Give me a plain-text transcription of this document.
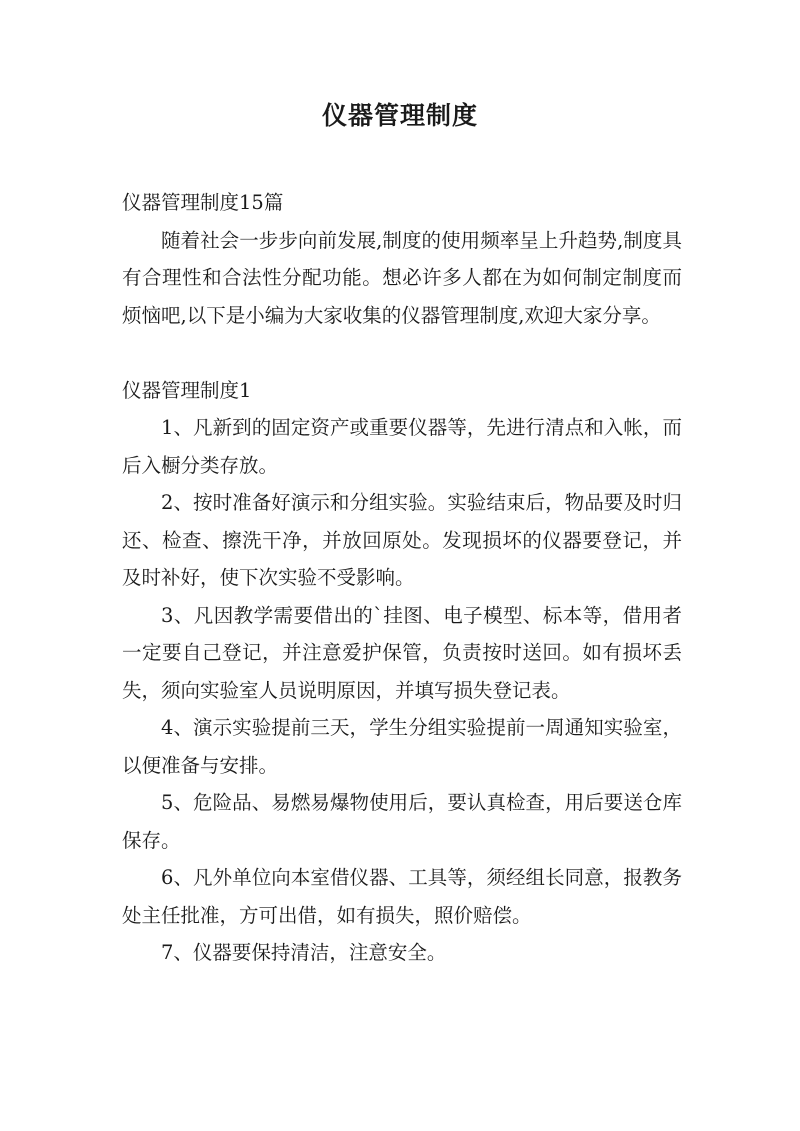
仪器管理制度

仪器管理制度15篇

随着社会一步步向前发展,制度的使用频率呈上升趋势,制度具有合理性和合法性分配功能。想必许多人都在为如何制定制度而烦恼吧,以下是小编为大家收集的仪器管理制度,欢迎大家分享。

仪器管理制度1

1、凡新到的固定资产或重要仪器等，先进行清点和入帐，而后入橱分类存放。

2、按时准备好演示和分组实验。实验结束后，物品要及时归还、检查、擦洗干净，并放回原处。发现损坏的仪器要登记，并及时补好，使下次实验不受影响。

3、凡因教学需要借出的`挂图、电子模型、标本等，借用者一定要自己登记，并注意爱护保管，负责按时送回。如有损坏丢失，须向实验室人员说明原因，并填写损失登记表。

4、演示实验提前三天，学生分组实验提前一周通知实验室，以便准备与安排。

5、危险品、易燃易爆物使用后，要认真检查，用后要送仓库保存。

6、凡外单位向本室借仪器、工具等，须经组长同意，报教务处主任批准，方可出借，如有损失，照价赔偿。

7、仪器要保持清洁，注意安全。
